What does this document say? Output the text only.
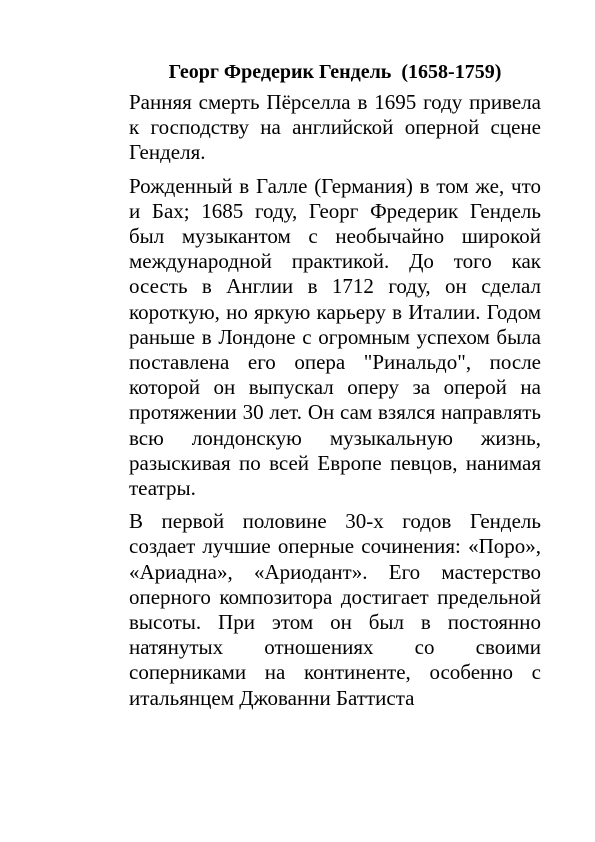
Георг Фредерик Гендель  (1658-1759)

Ранняя смерть Пёрселла в 1695 году привела к господству на английской оперной сцене Генделя.

Рожденный в Галле (Германия) в том же, что и Бах; 1685 году, Георг Фредерик Гендель был музыкантом с необычайно широкой международной практикой. До того как осесть в Англии в 1712 году, он сделал короткую, но яркую карьеру в Италии. Годом раньше в Лондоне с огромным успехом была поставлена его опера "Ринальдо", после которой он выпускал оперу за оперой на протяжении 30 лет. Он сам взялся направлять всю лондонскую музыкальную жизнь, разыскивая по всей Европе певцов, нанимая театры.

В первой половине 30-х годов Гендель создает лучшие оперные сочинения: «Поро», «Ариадна», «Ариодант». Его мастерство оперного композитора достигает предельной высоты. При этом он был в постоянно натянутых отношениях со своими соперниками на континенте, особенно с итальянцем Джованни Баттиста
